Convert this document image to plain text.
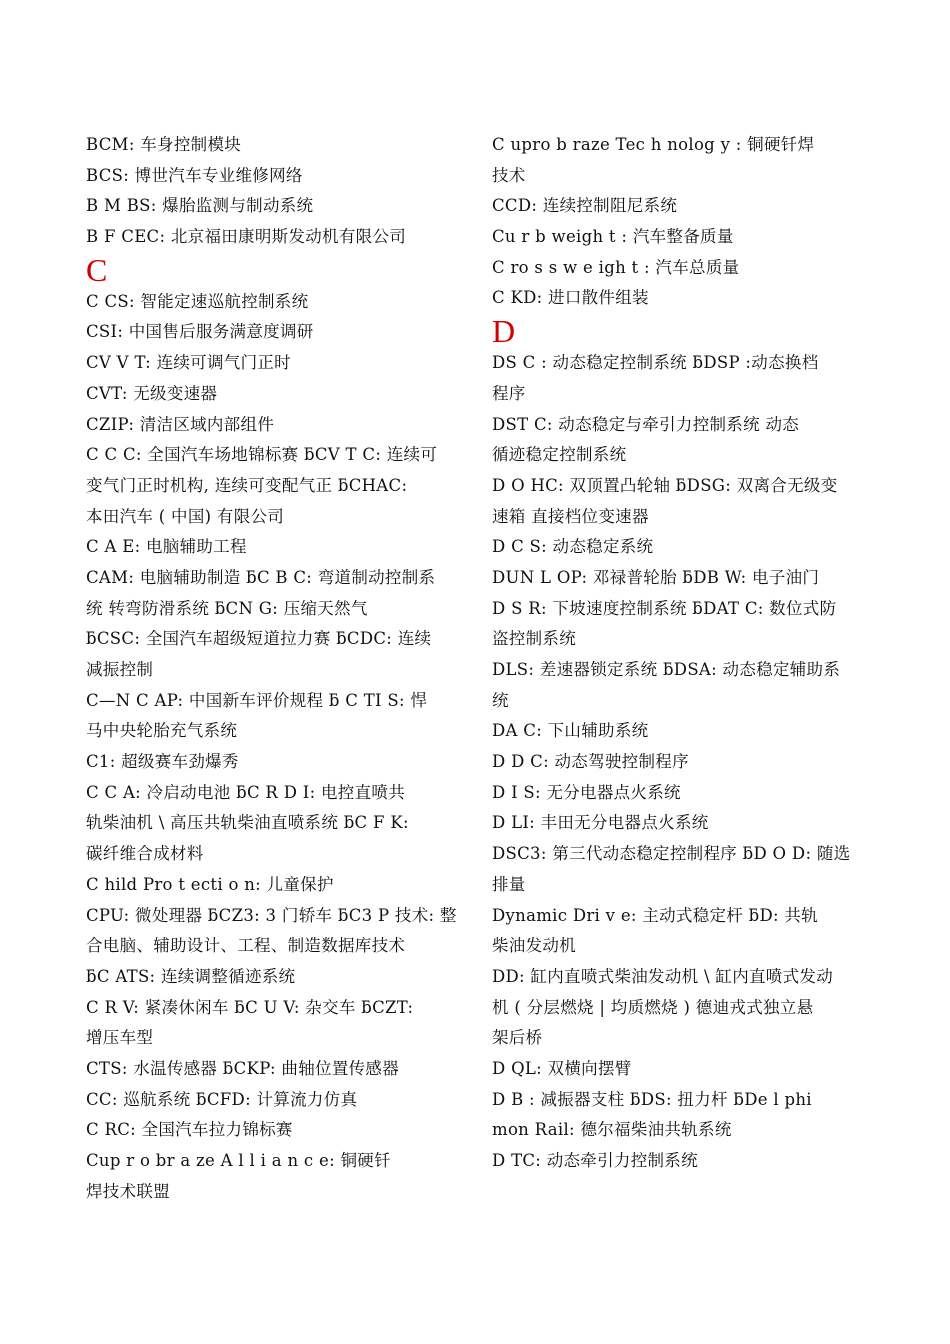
BCM: 车身控制模块
BCS: 博世汽车专业维修网络
B M BS: 爆胎监测与制动系统
B F CEC: 北京福田康明斯发动机有限公司
C
C CS: 智能定速巡航控制系统
CSI: 中国售后服务满意度调研
CV V T: 连续可调气门正时
CVT: 无级变速器
CZIP: 清洁区域内部组件
C C C: 全国汽车场地锦标赛 ƃCV T C: 连续可
变气门正时机构, 连续可变配气正 ƃCHAC:
本田汽车 ( 中国) 有限公司
C A E: 电脑辅助工程
CAM: 电脑辅助制造 ƃC B C: 弯道制动控制系
统 转弯防滑系统 ƃCN G: 压缩天然气
ƃCSC: 全国汽车超级短道拉力赛 ƃCDC: 连续
减振控制
C—N C AP: 中国新车评价规程 ƃ C TI S: 悍
马中央轮胎充气系统
C1: 超级赛车劲爆秀
C C A: 冷启动电池 ƃC R D I: 电控直喷共
轨柴油机 \ 高压共轨柴油直喷系统 ƃC F K:
碳纤维合成材料
C hild Pro t ecti o n: 儿童保护
CPU: 微处理器 ƃCZ3: 3 门轿车 ƃC3 P 技术: 整
合电脑、辅助设计、工程、制造数据库技术
ƃC ATS: 连续调整循迹系统
C R V: 紧凑休闲车 ƃC U V: 杂交车 ƃCZT:
增压车型
CTS: 水温传感器 ƃCKP: 曲轴位置传感器
CC: 巡航系统 ƃCFD: 计算流力仿真
C RC: 全国汽车拉力锦标赛
Cup r o br a ze A l l i a n c e: 铜硬钎
焊技术联盟
C upro b raze Tec h nolog y : 铜硬钎焊
技术
CCD: 连续控制阻尼系统
Cu r b weigh t : 汽车整备质量
C ro s s w e igh t : 汽车总质量
C KD: 进口散件组装
D
DS C : 动态稳定控制系统 ƃDSP :动态换档
程序
DST C: 动态稳定与牵引力控制系统 动态
循迹稳定控制系统
D O HC: 双顶置凸轮轴 ƃDSG: 双离合无级变
速箱 直接档位变速器
D C S: 动态稳定系统
DUN L OP: 邓禄普轮胎 ƃDB W: 电子油门
D S R: 下坡速度控制系统 ƃDAT C: 数位式防
盗控制系统
DLS: 差速器锁定系统 ƃDSA: 动态稳定辅助系
统
DA C: 下山辅助系统
D D C: 动态驾驶控制程序
D I S: 无分电器点火系统
D LI: 丰田无分电器点火系统
DSC3: 第三代动态稳定控制程序 ƃD O D: 随选
排量
Dynamic Dri v e: 主动式稳定杆 ƃD: 共轨
柴油发动机
DD: 缸内直喷式柴油发动机 \ 缸内直喷式发动
机 ( 分层燃烧 | 均质燃烧 ) 德迪戎式独立悬
架后桥
D QL: 双横向摆臂
D B : 减振器支柱 ƃDS: 扭力杆 ƃDe l phi
mon Rail: 德尔福柴油共轨系统
D TC: 动态牵引力控制系统
